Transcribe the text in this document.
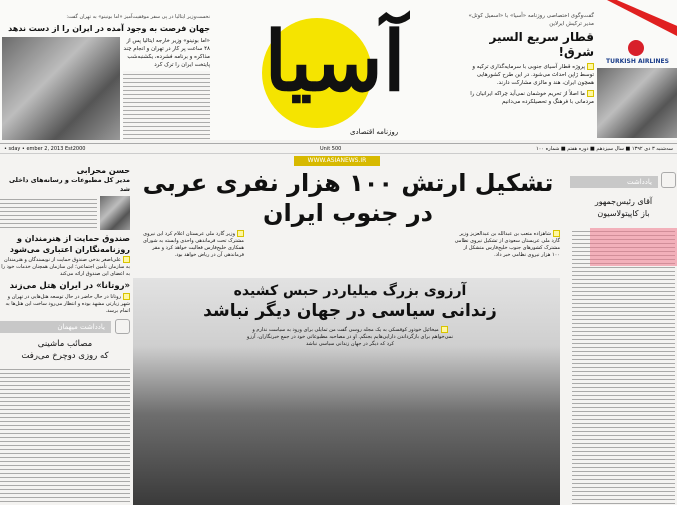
نخست‌وزیر ایتالیا در پی سفر موفقیت‌آمیز «اما بونینو» به تهران گفت:
جهان فرصت به وجود آمده در ایران را از دست ندهد
«اما بونینو» وزیر خارجه ایتالیا پس از ۴۸ ساعت پر کار در تهران و انجام چند مذاکره و برنامه فشرده، یکشنبه‌شب پایتخت ایران را ترک کرد آسیا
روزنامه اقتصادی
گفت‌وگوی اختصاصی روزنامه «آسیا» با «اسمیل کوتل» مدیر ترکیش ایرلاین
قطار سریع السیر شرق!
پروژه قطار آسیای جنوبی با سرمایه‌گذاری ترکیه و توسط ژاپن احداث می‌شود. در این طرح کشورهایی همچون ایران، هند و مالزی مشارکت دارند.
ما اصلاً از تحریم خوشمان نمی‌آید چراکه ایرانیان را مردمانی با فرهنگ و تحصیلکرده می‌دانیم
TURKISH AIRLINES
• sday • ember 2, 2013 Est2000	Unit 500	سه‌شنبه ۳ دی ۱۳۹۲ ■ سال سیزدهم ■ دوره هفتم ■ شماره ۱۰۰
WWW.ASIANEWS.IR
حسن محرابی
مدیر کل مطبوعات و رسانه‌های داخلی شد
صندوق حمایت از هنرمندان و روزنامه‌نگاران اعتباری می‌شود
علی‌اصغر بدخی صندوق حمایت از نویسندگان و هنرمندان به سازمان تأمین اجتماعی؛ این سازمان همچنان خدمات خود را به اعضای این صندوق ارائه می‌کند
«روتانا» در ایران هتل می‌زند
روتانا در حال حاضر در حال توسعه هتل‌هایی در تهران و شهر زیارتی مشهد بوده و انتظار می‌رود ساخت این هتل‌ها به اتمام برسد.
یادداشت میهمان
مصائب ماشینی
که روزی دوچرخ می‌رفت
تشکیل ارتش ۱۰۰ هزار نفری عربی
در جنوب ایران
شاهزاده متعب بن عبدالله بن عبدالعزیز وزیر گارد ملی عربستان سعودی از تشکیل نیروی نظامی مشترک کشورهای جنوب خلیج‌فارس متشکل از ۱۰۰ هزار نیروی نظامی خبر داد.
وزیر گارد ملی عربستان اعلام کرد این نیروی مشترک تحت فرماندهی واحدی وابسته به شورای همکاری خلیج‌فارس فعالیت خواهد کرد و مقر فرماندهی آن در ریاض خواهد بود.
آرزوی بزرگ میلیاردر حبس کشیده
زندانی سیاسی در جهان دیگر نباشد
میخائیل خودور کوفسکی به یک مجله روسی گفت من تمایلی برای ورود به سیاست ندارم و نمی‌خواهم برای بازگرداندن دارایی‌هایم بجنگم. او در مصاحبه مطبوعاتی خود در جمع خبرنگاران، آرزو کرد که دیگر در جهان زندانی سیاسی نباشد
یادداشت
آقای رئیس‌جمهور
باز کاپیتولاسیون
